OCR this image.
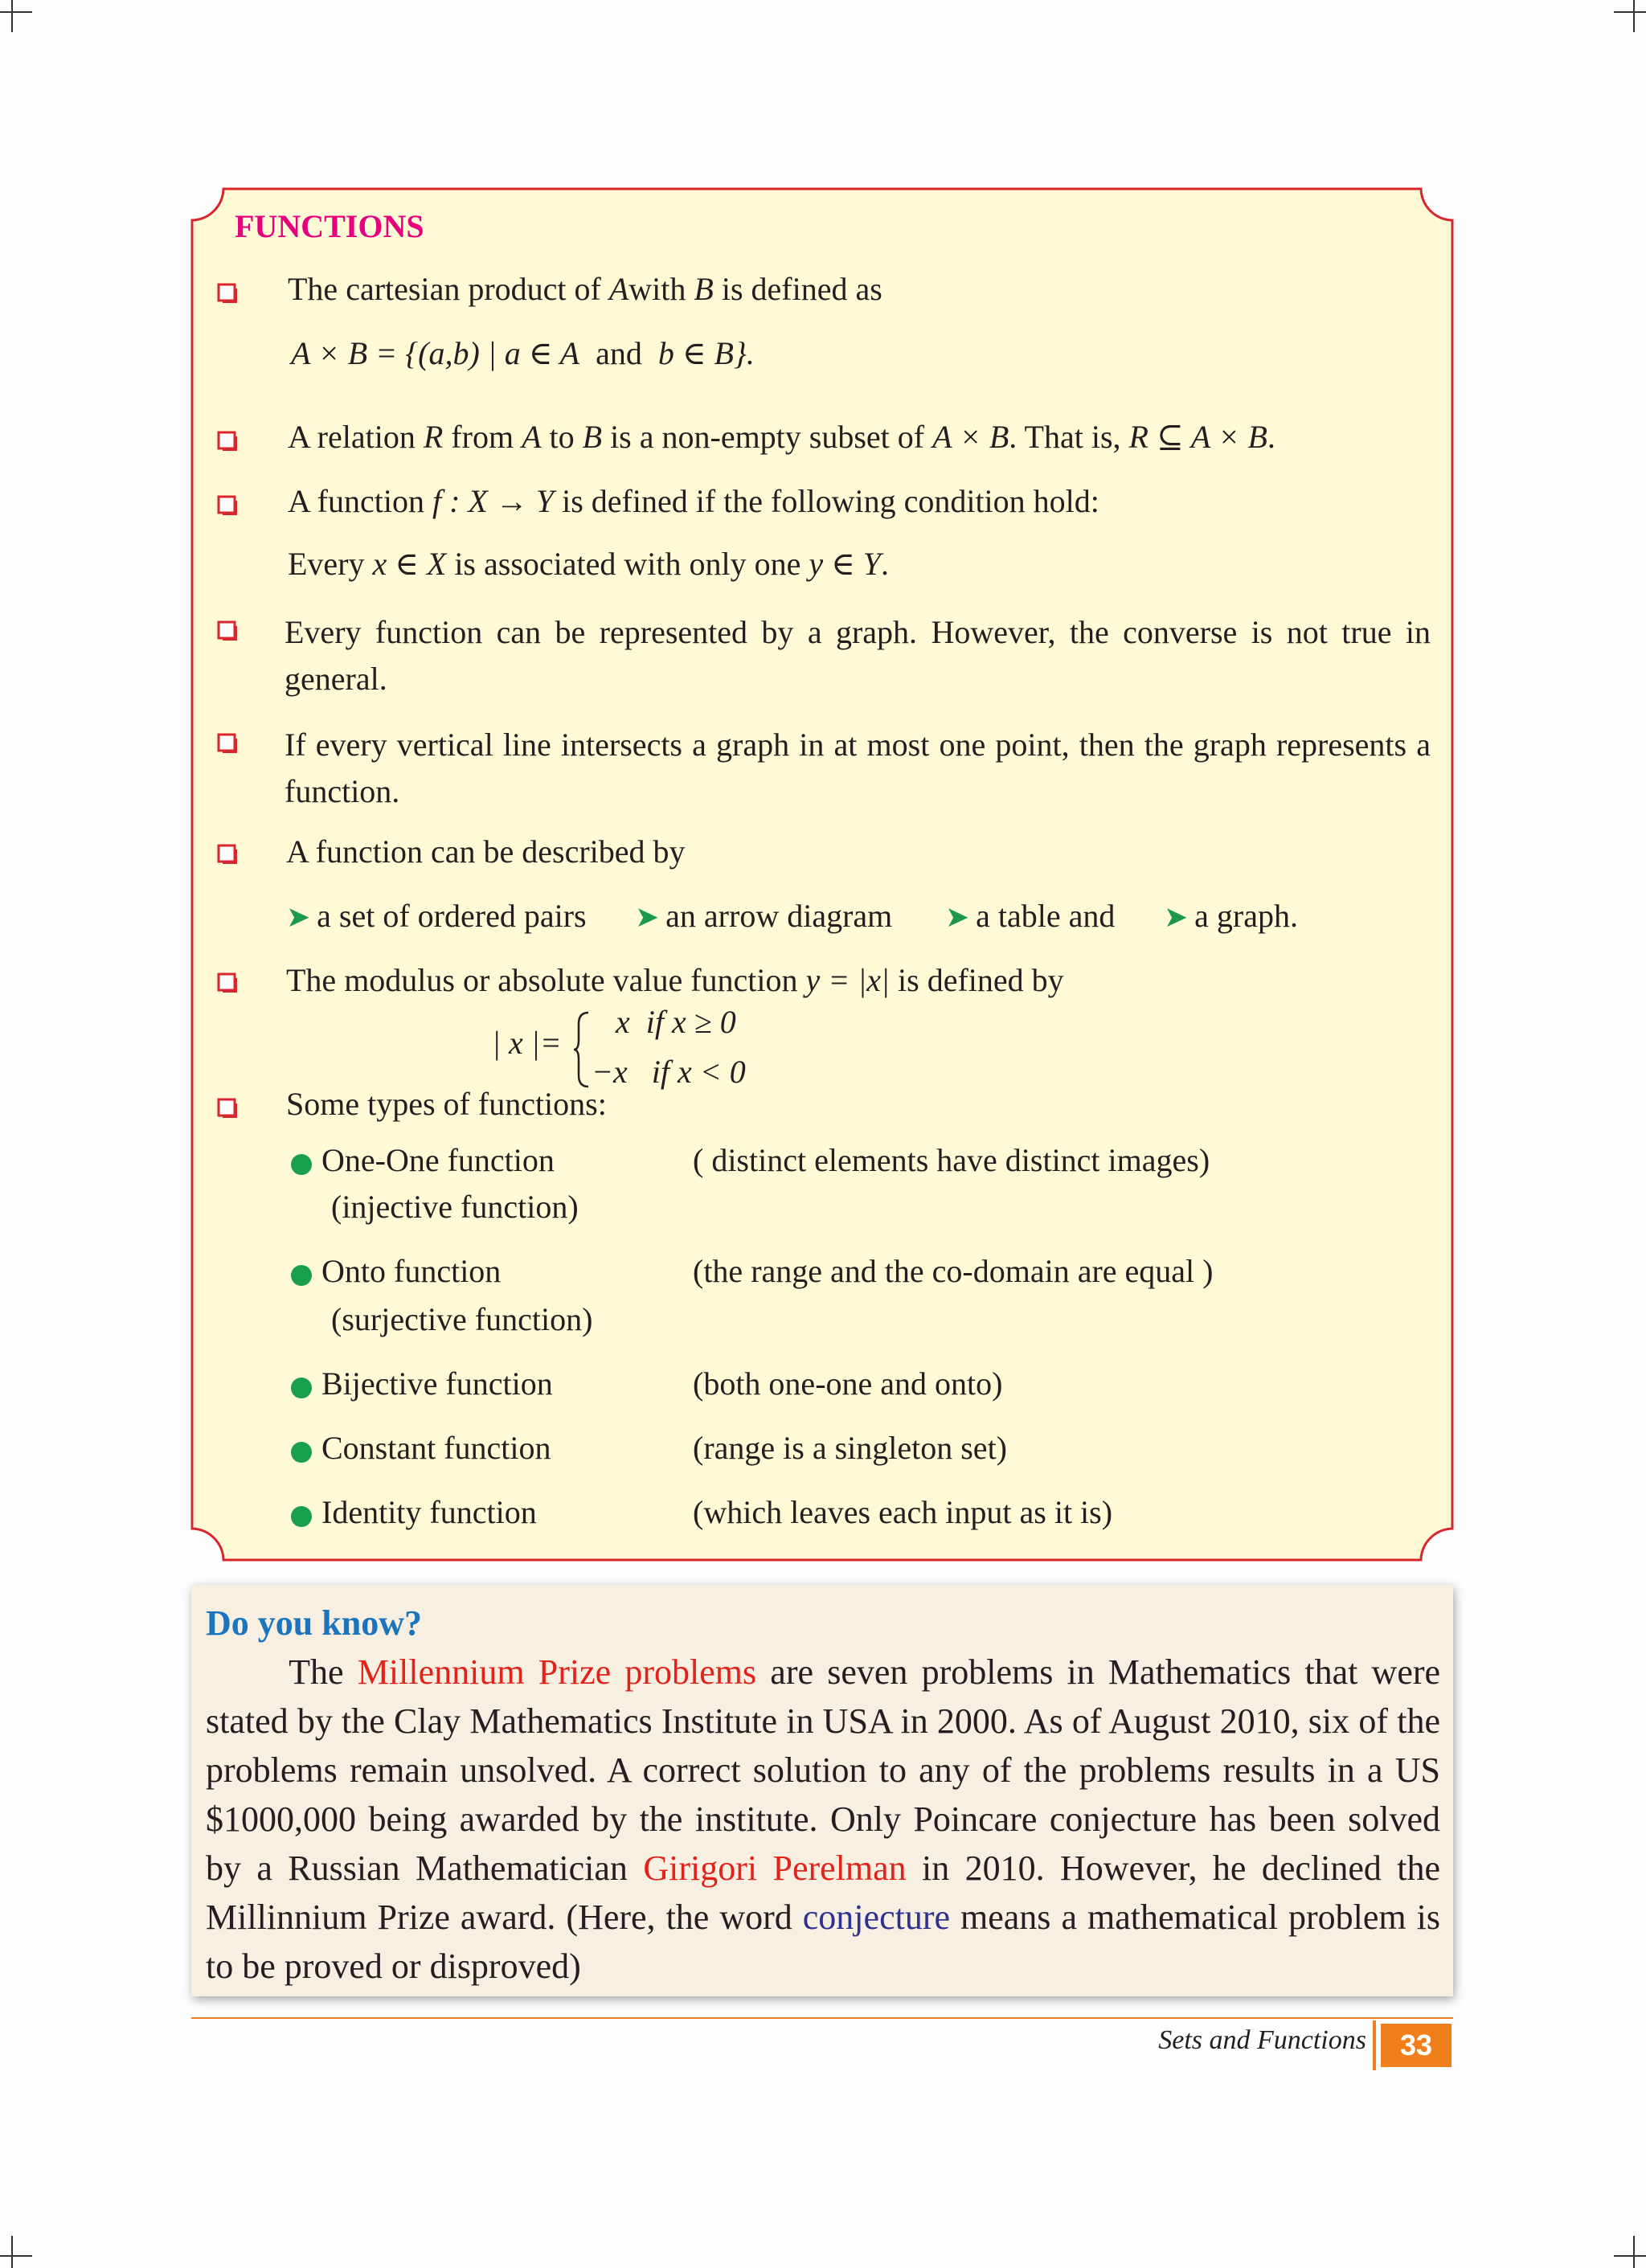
FUNCTIONS
The cartesian product of Awith B is defined as
A × B = {(a,b) | a ∈ A and b ∈ B}.
A relation R from A to B is a non-empty subset of A × B. That is, R ⊆ A × B.
A function f : X → Y is defined if the following condition hold:
Every x ∈ X is associated with only one y ∈ Y.
Every function can be represented by a graph. However, the converse is not true in general.
If every vertical line intersects a graph in at most one point, then the graph represents a function.
A function can be described by
➤ a set of ordered pairs ➤ an arrow diagram ➤ a table and ➤ a graph.
The modulus or absolute value function y = |x| is defined by
| x |=
x if x ≥ 0
−x if x < 0
Some types of functions:
One-One function	( distinct elements have distinct images)
(injective function)
Onto function	(the range and the co-domain are equal )
(surjective function)
Bijective function	(both one-one and onto)
Constant function	(range is a singleton set)
Identity function	(which leaves each input as it is)
Do you know?
The Millennium Prize problems are seven problems in Mathematics that were stated by the Clay Mathematics Institute in USA in 2000. As of August 2010, six of the problems remain unsolved. A correct solution to any of the problems results in a US $1000,000 being awarded by the institute. Only Poincare conjecture has been solved by a Russian Mathematician Girigori Perelman in 2010. However, he declined the Millinnium Prize award. (Here, the word conjecture means a mathematical problem is to be proved or disproved)
Sets and Functions	33
